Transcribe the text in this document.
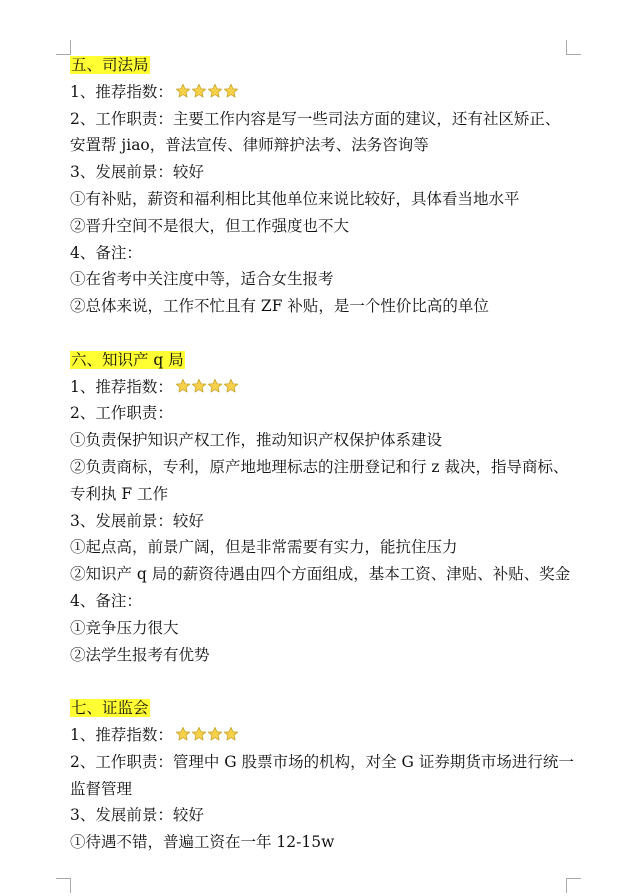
五、司法局
1、推荐指数：
2、工作职责：主要工作内容是写一些司法方面的建议，还有社区矫正、安置帮 jiao，普法宣传、律师辩护法考、法务咨询等
3、发展前景：较好
①有补贴，薪资和福利相比其他单位来说比较好，具体看当地水平
②晋升空间不是很大，但工作强度也不大
4、备注：
①在省考中关注度中等，适合女生报考
②总体来说，工作不忙且有 ZF 补贴，是一个性价比高的单位
六、知识产 q 局
1、推荐指数：
2、工作职责：
①负责保护知识产权工作，推动知识产权保护体系建设
②负责商标，专利，原产地地理标志的注册登记和行 z 裁决，指导商标、专利执 F 工作
3、发展前景：较好
①起点高，前景广阔，但是非常需要有实力，能抗住压力
②知识产 q 局的薪资待遇由四个方面组成，基本工资、津贴、补贴、奖金
4、备注：
①竞争压力很大
②法学生报考有优势
七、证监会
1、推荐指数：
2、工作职责：管理中 G 股票市场的机构，对全 G 证券期货市场进行统一监督管理
3、发展前景：较好
①待遇不错，普遍工资在一年 12-15w
